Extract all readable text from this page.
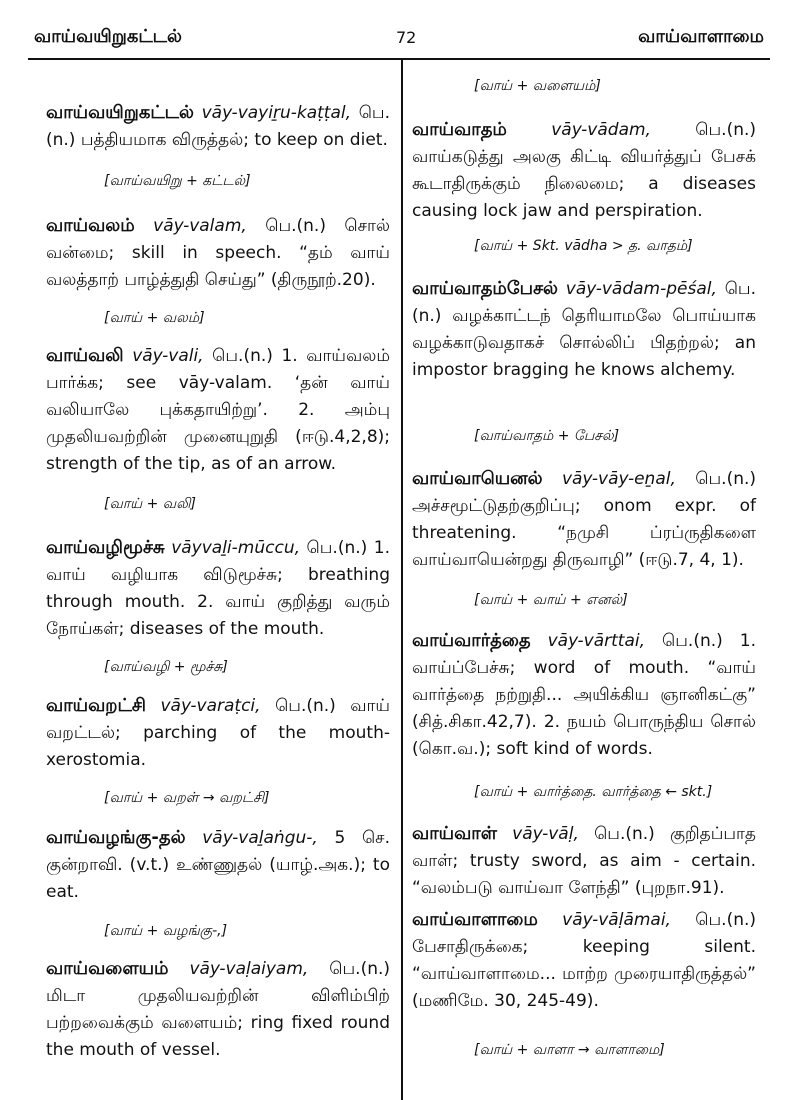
வாய்வயிறுகட்டல்	72	வாய்வாளாமை
வாய்வயிறுகட்டல் vāy-vayiṟu-kaṭṭal, பெ.(n.) பத்தியமாக விருத்தல்; to keep on diet.
[வாய்வயிறு + கட்டல்]
வாய்வலம் vāy-valam, பெ.(n.) சொல் வன்மை; skill in speech. “தம் வாய் வலத்தாற் பாழ்த்துதி செய்து” (திருநூற்.20).
[வாய் + வலம்]
வாய்வலி vāy-vali, பெ.(n.) 1. வாய்வலம் பார்க்க; see vāy-valam. ‘தன் வாய் வலியாலே புக்கதாயிற்று’. 2. அம்பு முதலியவற்றின் முனையுறுதி (ஈடு.4,2,8); strength of the tip, as of an arrow.
[வாய் + வலி]
வாய்வழிமூச்சு vāyvaḻi-mūccu, பெ.(n.) 1. வாய் வழியாக விடுமூச்சு; breathing through mouth. 2. வாய் குறித்து வரும் நோய்கள்; diseases of the mouth.
[வாய்வழி + மூச்சு]
வாய்வறட்சி vāy-varaṭci, பெ.(n.) வாய் வறட்டல்; parching of the mouth-xerostomia.
[வாய் + வறள் → வறட்சி]
வாய்வழங்கு-தல் vāy-vaḻaṅgu-, 5 செ. குன்றாவி. (v.t.) உண்ணுதல் (யாழ்.அக.); to eat.
[வாய் + வழங்கு-,]
வாய்வளையம் vāy-vaḷaiyam, பெ.(n.) மிடா முதலியவற்றின் விளிம்பிற் பற்றவைக்கும் வளையம்; ring fixed round the mouth of vessel.
[வாய் + வளையம்]
வாய்வாதம்	vāy-vādam,	பெ.(n.) வாய்கடுத்து அலகு கிட்டி வியர்த்துப் பேசக் கூடாதிருக்கும் நிலைமை; a diseases causing lock jaw and perspiration.
[வாய் + Skt. vādha > த. வாதம்]
வாய்வாதம்பேசல் vāy-vādam-pēśal, பெ.(n.) வழக்காட்டந் தெரியாமலே பொய்யாக வழக்காடுவதாகச் சொல்லிப் பிதற்றல்; an impostor bragging he knows alchemy.
[வாய்வாதம் + பேசல்]
வாய்வாயெனல் vāy-vāy-eṉal, பெ.(n.) அச்சமூட்டுதற்குறிப்பு; onom expr. of threatening. “நமுசி ப்ரப்ருதிகளை வாய்வாயென்றது திருவாழி” (ஈடு.7, 4, 1).
[வாய் + வாய் + எனல்]
வாய்வார்த்தை vāy-vārttai, பெ.(n.) 1. வாய்ப்பேச்சு; word of mouth. “வாய் வார்த்தை நற்றுதி... அயிக்கிய ஞானிகட்கு” (சித்.சிகா.42,7). 2. நயம் பொருந்திய சொல் (கொ.வ.); soft kind of words.
[வாய் + வார்த்தை. வார்த்தை ← skt.]
வாய்வாள் vāy-vāḷ, பெ.(n.) குறிதப்பாத வாள்; trusty sword, as aim - certain. “வலம்படு வாய்வா ளேந்தி” (புறநா.91).
வாய்வாளாமை vāy-vāḷāmai, பெ.(n.) பேசாதிருக்கை; keeping silent. “வாய்வாளாமை... மாற்ற முரையாதிருத்தல்” (மணிமே. 30, 245-49).
[வாய் + வாளா → வாளாமை]
